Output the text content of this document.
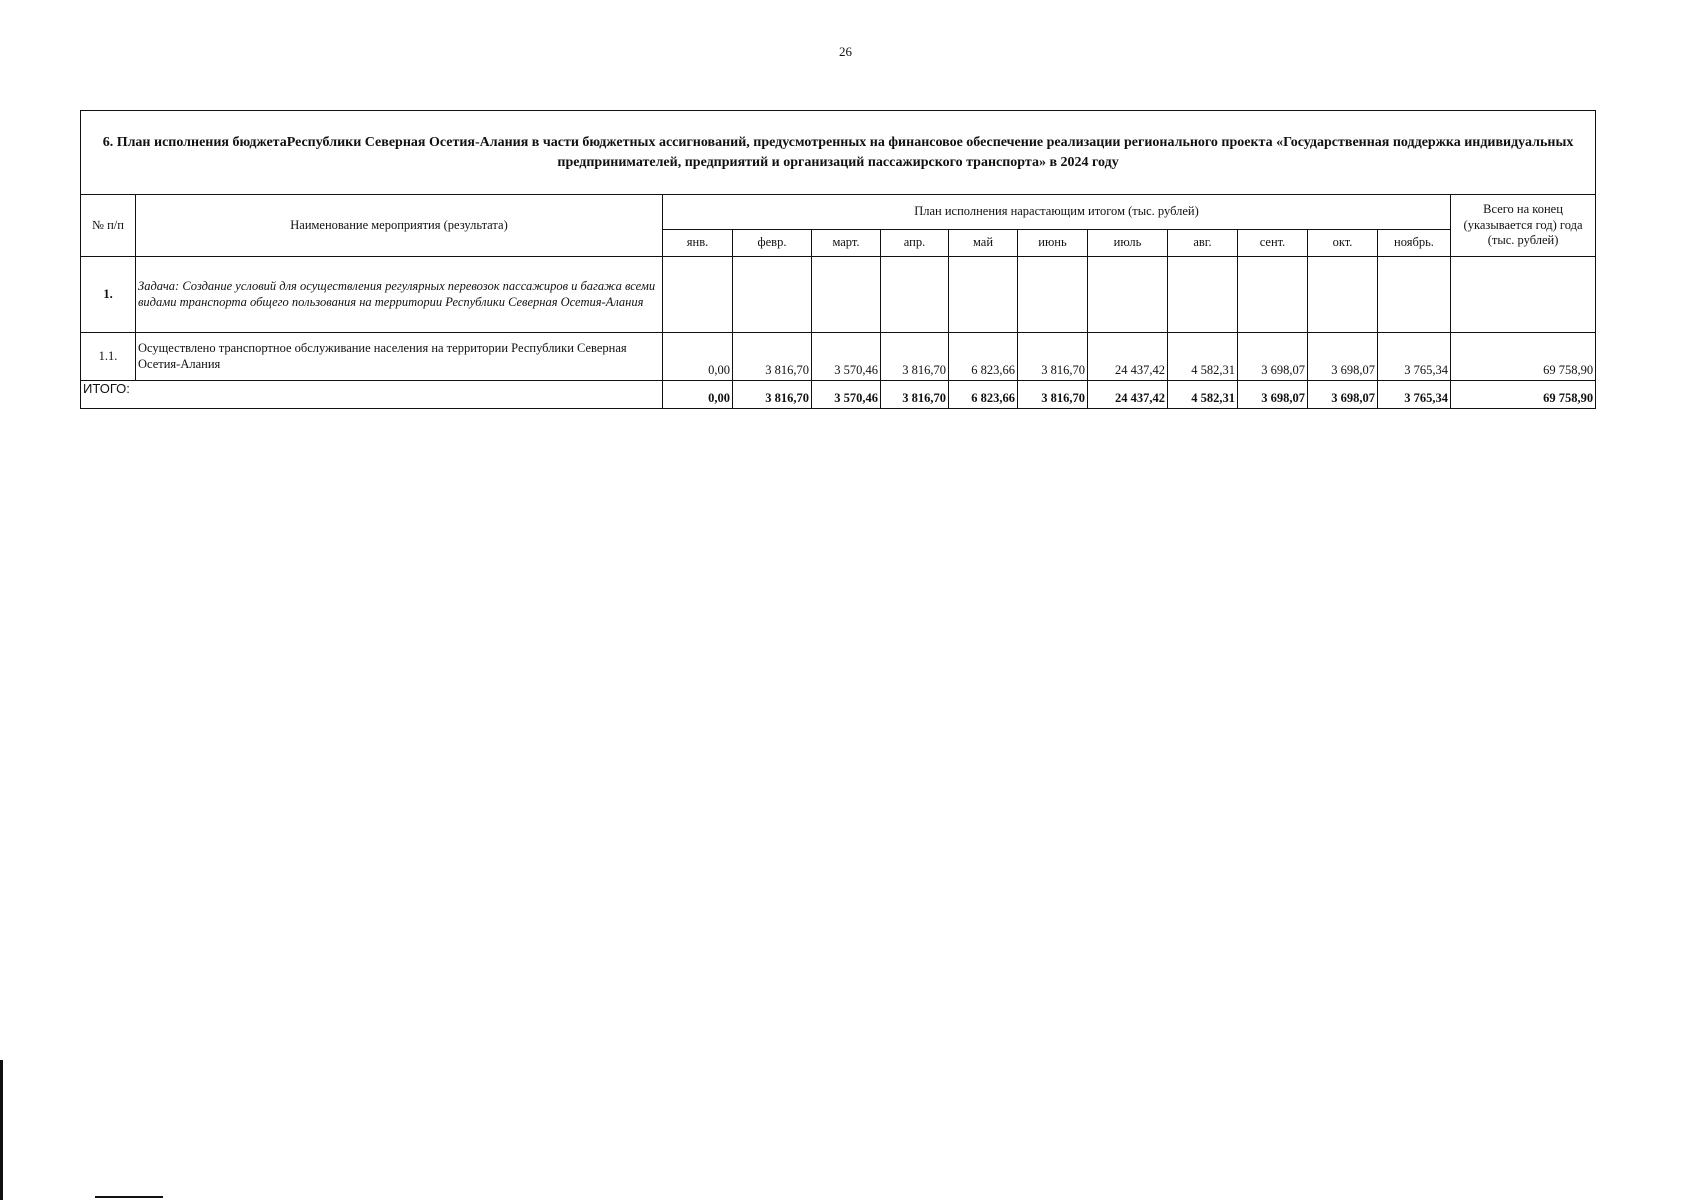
26
6. План исполнения бюджетаРеспублики Северная Осетия-Алания в части бюджетных ассигнований, предусмотренных на финансовое обеспечение реализации регионального проекта «Государственная поддержка индивидуальных предпринимателей, предприятий и организаций пассажирского транспорта» в 2024 году													
№ п/п	Наименование мероприятия (результата)	План исполнения нарастающим итогом (тыс. рублей)											Всего на конец (указывается год) года (тыс. рублей)
		янв.	февр.	март.	апр.	май	июнь	июль	авг.	сент.	окт.	ноябрь.	
1.	Задача: Создание условий для осуществления регулярных перевозок пассажиров и багажа всеми видами транспорта общего пользования на территории Республики Северная Осетия-Алания												
1.1.	Осуществлено транспортное обслуживание населения на территории Республики Северная Осетия-Алания	0,00	3 816,70	3 570,46	3 816,70	6 823,66	3 816,70	24 437,42	4 582,31	3 698,07	3 698,07	3 765,34	69 758,90
ИТОГО:		0,00	3 816,70	3 570,46	3 816,70	6 823,66	3 816,70	24 437,42	4 582,31	3 698,07	3 698,07	3 765,34	69 758,90
